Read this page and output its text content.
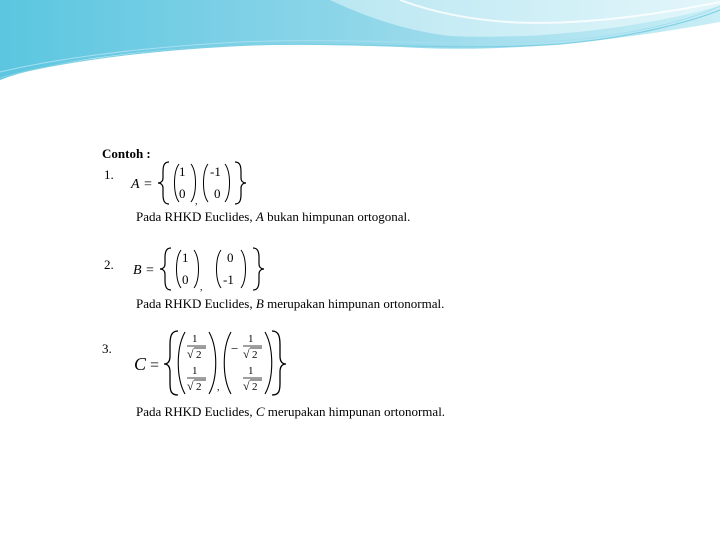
Contoh :
1.
A =
1
0
,
-1
0
Pada RHKD Euclides, A bukan himpunan ortogonal.
2. B =
1
0
,
0
-1
Pada RHKD Euclides, B merupakan himpunan ortonormal.
3.
C =
1
√ 2
1
√ 2 ,
−
1
√ 2
1
√ 2
Pada RHKD Euclides, C merupakan himpunan ortonormal.
